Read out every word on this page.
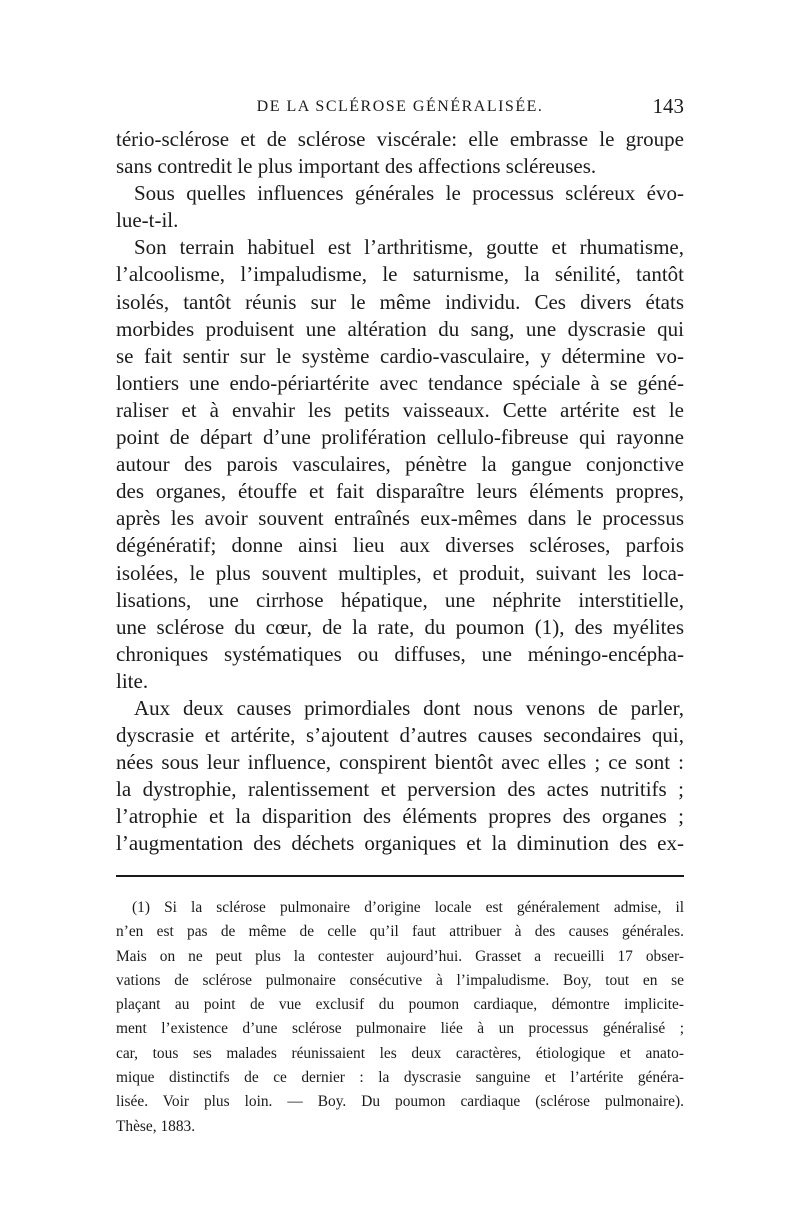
DE LA SCLÉROSE GÉNÉRALISÉE.	143
tério-sclérose et de sclérose viscérale: elle embrasse le groupe
sans contredit le plus important des affections scléreuses.
Sous quelles influences générales le processus scléreux évo-
lue-t-il.
Son terrain habituel est l’arthritisme, goutte et rhumatisme,
l’alcoolisme, l’impaludisme, le saturnisme, la sénilité, tantôt
isolés, tantôt réunis sur le même individu. Ces divers états
morbides produisent une altération du sang, une dyscrasie qui
se fait sentir sur le système cardio-vasculaire, y détermine vo-
lontiers une endo-périartérite avec tendance spéciale à se géné-
raliser et à envahir les petits vaisseaux. Cette artérite est le
point de départ d’une prolifération cellulo-fibreuse qui rayonne
autour des parois vasculaires, pénètre la gangue conjonctive
des organes, étouffe et fait disparaître leurs éléments propres,
après les avoir souvent entraînés eux-mêmes dans le processus
dégénératif; donne ainsi lieu aux diverses scléroses, parfois
isolées, le plus souvent multiples, et produit, suivant les loca-
lisations, une cirrhose hépatique, une néphrite interstitielle,
une sclérose du cœur, de la rate, du poumon (1), des myélites
chroniques systématiques ou diffuses, une méningo-encépha-
lite.
Aux deux causes primordiales dont nous venons de parler,
dyscrasie et artérite, s’ajoutent d’autres causes secondaires qui,
nées sous leur influence, conspirent bientôt avec elles ; ce sont :
la dystrophie, ralentissement et perversion des actes nutritifs ;
l’atrophie et la disparition des éléments propres des organes ;
l’augmentation des déchets organiques et la diminution des ex-
(1) Si la sclérose pulmonaire d’origine locale est généralement admise, il
n’en est pas de même de celle qu’il faut attribuer à des causes générales.
Mais on ne peut plus la contester aujourd’hui. Grasset a recueilli 17 obser-
vations de sclérose pulmonaire consécutive à l’impaludisme. Boy, tout en se
plaçant au point de vue exclusif du poumon cardiaque, démontre implicite-
ment l’existence d’une sclérose pulmonaire liée à un processus généralisé ;
car, tous ses malades réunissaient les deux caractères, étiologique et anato-
mique distinctifs de ce dernier : la dyscrasie sanguine et l’artérite généra-
lisée. Voir plus loin. — Boy. Du poumon cardiaque (sclérose pulmonaire).
Thèse, 1883.
